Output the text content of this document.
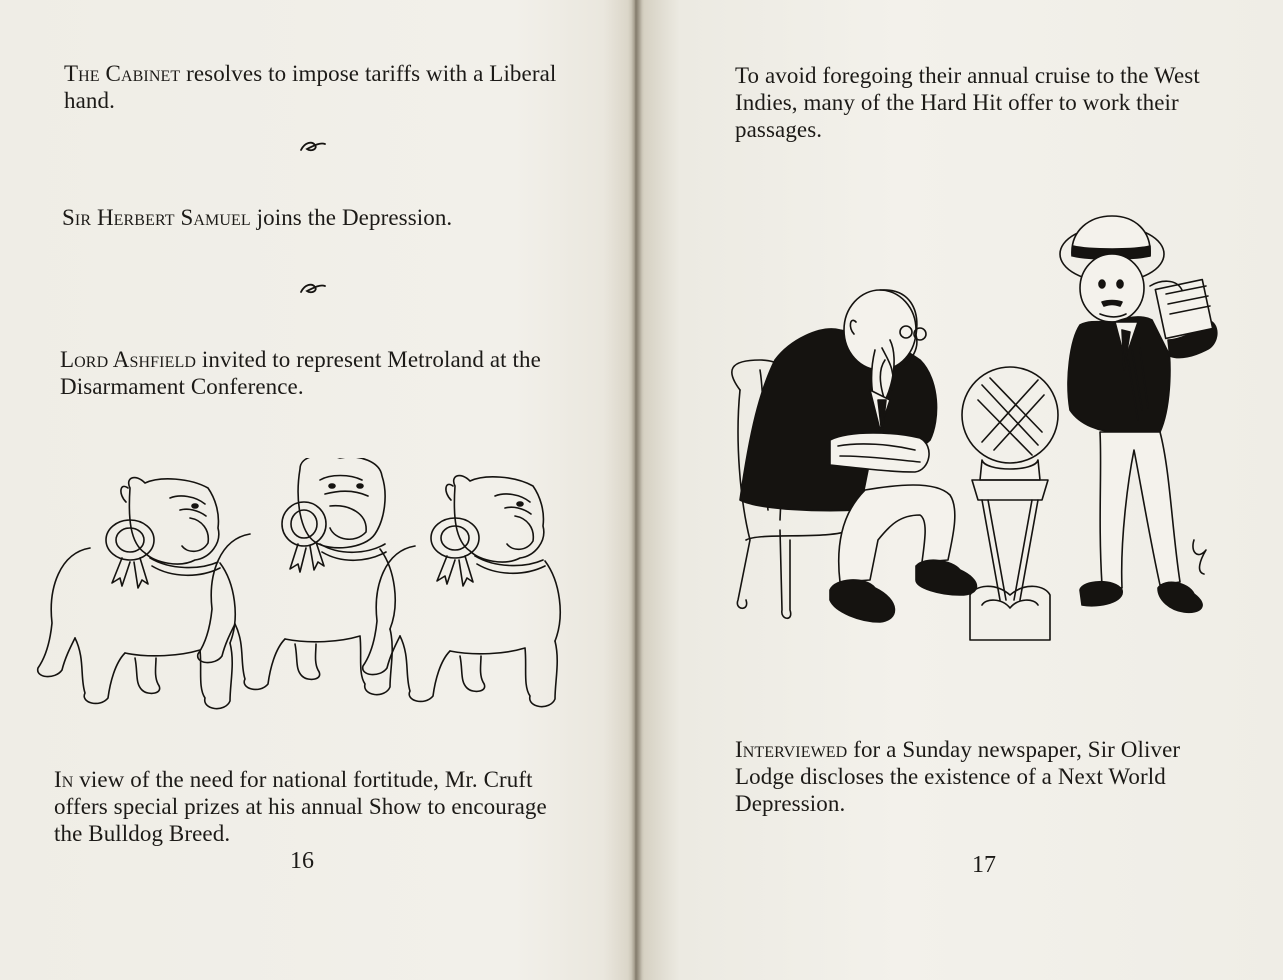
The Cabinet resolves to impose tariffs with a Liberal hand.

Sir Herbert Samuel joins the Depression.

Lord Ashfield invited to represent Metroland at the Disarmament Conference.

In view of the need for national fortitude, Mr. Cruft offers special prizes at his annual Show to encourage the Bulldog Breed.

16

To avoid foregoing their annual cruise to the West Indies, many of the Hard Hit offer to work their passages.

Interviewed for a Sunday newspaper, Sir Oliver Lodge discloses the existence of a Next World Depression.

17
